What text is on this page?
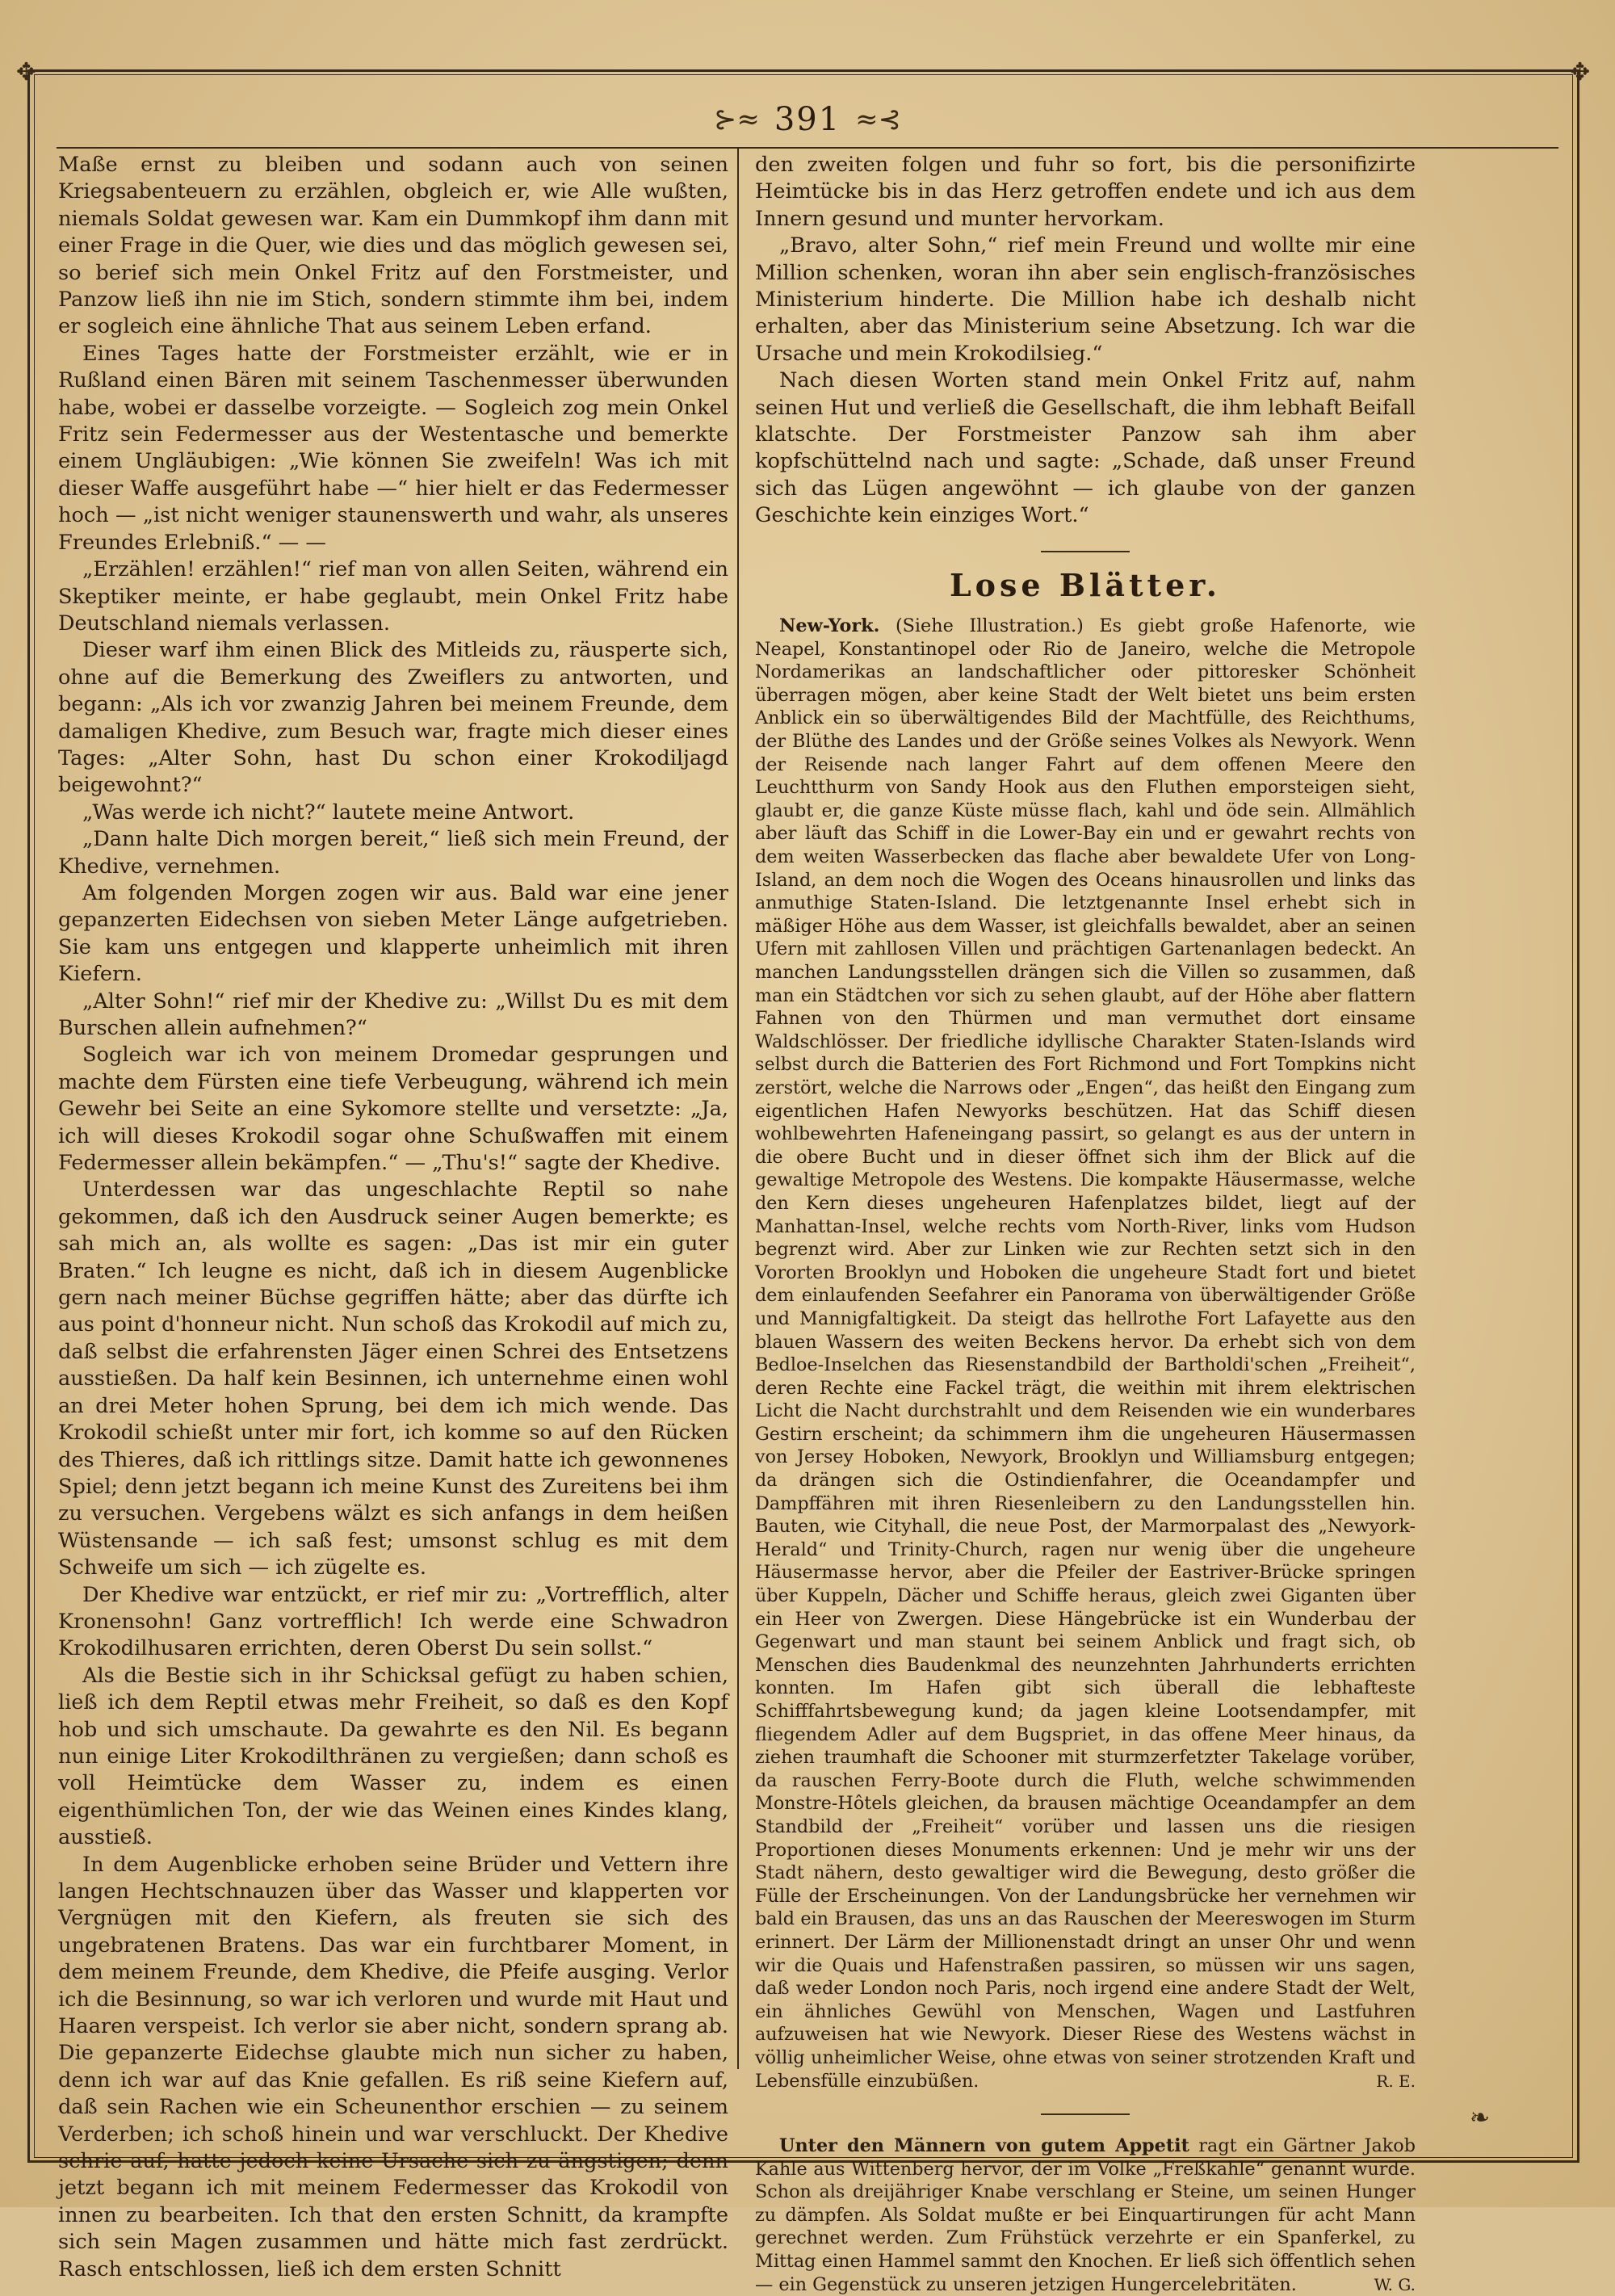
✥	✥
⊱≈ 391 ≈⊰

Maße ernst zu bleiben und sodann auch von seinen Kriegsabenteuern zu erzählen, obgleich er, wie Alle wußten, niemals Soldat gewesen war. Kam ein Dummkopf ihm dann mit einer Frage in die Quer, wie dies und das möglich gewesen sei, so berief sich mein Onkel Fritz auf den Forstmeister, und Panzow ließ ihn nie im Stich, sondern stimmte ihm bei, indem er sogleich eine ähnliche That aus seinem Leben erfand.

Eines Tages hatte der Forstmeister erzählt, wie er in Rußland einen Bären mit seinem Taschenmesser überwunden habe, wobei er dasselbe vorzeigte. — Sogleich zog mein Onkel Fritz sein Federmesser aus der Westentasche und bemerkte einem Ungläubigen: „Wie können Sie zweifeln! Was ich mit dieser Waffe ausgeführt habe —“ hier hielt er das Federmesser hoch — „ist nicht weniger staunenswerth und wahr, als unseres Freundes Erlebniß.“ — —

„Erzählen! erzählen!“ rief man von allen Seiten, während ein Skeptiker meinte, er habe geglaubt, mein Onkel Fritz habe Deutschland niemals verlassen.

Dieser warf ihm einen Blick des Mitleids zu, räusperte sich, ohne auf die Bemerkung des Zweiflers zu antworten, und begann: „Als ich vor zwanzig Jahren bei meinem Freunde, dem damaligen Khedive, zum Besuch war, fragte mich dieser eines Tages: „Alter Sohn, hast Du schon einer Krokodiljagd beigewohnt?“

„Was werde ich nicht?“ lautete meine Antwort.

„Dann halte Dich morgen bereit,“ ließ sich mein Freund, der Khedive, vernehmen.

Am folgenden Morgen zogen wir aus. Bald war eine jener gepanzerten Eidechsen von sieben Meter Länge aufgetrieben. Sie kam uns entgegen und klapperte unheimlich mit ihren Kiefern.

„Alter Sohn!“ rief mir der Khedive zu: „Willst Du es mit dem Burschen allein aufnehmen?“

Sogleich war ich von meinem Dromedar gesprungen und machte dem Fürsten eine tiefe Verbeugung, während ich mein Gewehr bei Seite an eine Sykomore stellte und versetzte: „Ja, ich will dieses Krokodil sogar ohne Schußwaffen mit einem Federmesser allein bekämpfen.“ — „Thu's!“ sagte der Khedive.

Unterdessen war das ungeschlachte Reptil so nahe gekommen, daß ich den Ausdruck seiner Augen bemerkte; es sah mich an, als wollte es sagen: „Das ist mir ein guter Braten.“ Ich leugne es nicht, daß ich in diesem Augenblicke gern nach meiner Büchse gegriffen hätte; aber das dürfte ich aus point d'honneur nicht. Nun schoß das Krokodil auf mich zu, daß selbst die erfahrensten Jäger einen Schrei des Entsetzens ausstießen. Da half kein Besinnen, ich unternehme einen wohl an drei Meter hohen Sprung, bei dem ich mich wende. Das Krokodil schießt unter mir fort, ich komme so auf den Rücken des Thieres, daß ich rittlings sitze. Damit hatte ich gewonnenes Spiel; denn jetzt begann ich meine Kunst des Zureitens bei ihm zu versuchen. Vergebens wälzt es sich anfangs in dem heißen Wüstensande — ich saß fest; umsonst schlug es mit dem Schweife um sich — ich zügelte es.

Der Khedive war entzückt, er rief mir zu: „Vortrefflich, alter Kronensohn! Ganz vortrefflich! Ich werde eine Schwadron Krokodilhusaren errichten, deren Oberst Du sein sollst.“

Als die Bestie sich in ihr Schicksal gefügt zu haben schien, ließ ich dem Reptil etwas mehr Freiheit, so daß es den Kopf hob und sich umschaute. Da gewahrte es den Nil. Es begann nun einige Liter Krokodilthränen zu vergießen; dann schoß es voll Heimtücke dem Wasser zu, indem es einen eigenthümlichen Ton, der wie das Weinen eines Kindes klang, ausstieß.

In dem Augenblicke erhoben seine Brüder und Vettern ihre langen Hechtschnauzen über das Wasser und klapperten vor Vergnügen mit den Kiefern, als freuten sie sich des ungebratenen Bratens. Das war ein furchtbarer Moment, in dem meinem Freunde, dem Khedive, die Pfeife ausging. Verlor ich die Besinnung, so war ich verloren und wurde mit Haut und Haaren verspeist. Ich verlor sie aber nicht, sondern sprang ab. Die gepanzerte Eidechse glaubte mich nun sicher zu haben, denn ich war auf das Knie gefallen. Es riß seine Kiefern auf, daß sein Rachen wie ein Scheunenthor erschien — zu seinem Verderben; ich schoß hinein und war verschluckt. Der Khedive schrie auf, hatte jedoch keine Ursache sich zu ängstigen; denn jetzt begann ich mit meinem Federmesser das Krokodil von innen zu bearbeiten. Ich that den ersten Schnitt, da krampfte sich sein Magen zusammen und hätte mich fast zerdrückt. Rasch entschlossen, ließ ich dem ersten Schnitt

den zweiten folgen und fuhr so fort, bis die personifizirte Heimtücke bis in das Herz getroffen endete und ich aus dem Innern gesund und munter hervorkam.

„Bravo, alter Sohn,“ rief mein Freund und wollte mir eine Million schenken, woran ihn aber sein englisch-französisches Ministerium hinderte. Die Million habe ich deshalb nicht erhalten, aber das Ministerium seine Absetzung. Ich war die Ursache und mein Krokodilsieg.“

Nach diesen Worten stand mein Onkel Fritz auf, nahm seinen Hut und verließ die Gesellschaft, die ihm lebhaft Beifall klatschte. Der Forstmeister Panzow sah ihm aber kopfschüttelnd nach und sagte: „Schade, daß unser Freund sich das Lügen angewöhnt — ich glaube von der ganzen Geschichte kein einziges Wort.“

Lose Blätter.

New-York. (Siehe Illustration.) Es giebt große Hafenorte, wie Neapel, Konstantinopel oder Rio de Janeiro, welche die Metropole Nordamerikas an landschaftlicher oder pittoresker Schönheit überragen mögen, aber keine Stadt der Welt bietet uns beim ersten Anblick ein so überwältigendes Bild der Machtfülle, des Reichthums, der Blüthe des Landes und der Größe seines Volkes als Newyork. Wenn der Reisende nach langer Fahrt auf dem offenen Meere den Leuchtthurm von Sandy Hook aus den Fluthen emporsteigen sieht, glaubt er, die ganze Küste müsse flach, kahl und öde sein. Allmählich aber läuft das Schiff in die Lower-Bay ein und er gewahrt rechts von dem weiten Wasserbecken das flache aber bewaldete Ufer von Long-Island, an dem noch die Wogen des Oceans hinausrollen und links das anmuthige Staten-Island. Die letztgenannte Insel erhebt sich in mäßiger Höhe aus dem Wasser, ist gleichfalls bewaldet, aber an seinen Ufern mit zahllosen Villen und prächtigen Gartenanlagen bedeckt. An manchen Landungsstellen drängen sich die Villen so zusammen, daß man ein Städtchen vor sich zu sehen glaubt, auf der Höhe aber flattern Fahnen von den Thürmen und man vermuthet dort einsame Waldschlösser. Der friedliche idyllische Charakter Staten-Islands wird selbst durch die Batterien des Fort Richmond und Fort Tompkins nicht zerstört, welche die Narrows oder „Engen“, das heißt den Eingang zum eigentlichen Hafen Newyorks beschützen. Hat das Schiff diesen wohlbewehrten Hafeneingang passirt, so gelangt es aus der untern in die obere Bucht und in dieser öffnet sich ihm der Blick auf die gewaltige Metropole des Westens. Die kompakte Häusermasse, welche den Kern dieses ungeheuren Hafenplatzes bildet, liegt auf der Manhattan-Insel, welche rechts vom North-River, links vom Hudson begrenzt wird. Aber zur Linken wie zur Rechten setzt sich in den Vororten Brooklyn und Hoboken die ungeheure Stadt fort und bietet dem einlaufenden Seefahrer ein Panorama von überwältigender Größe und Mannigfaltigkeit. Da steigt das hellrothe Fort Lafayette aus den blauen Wassern des weiten Beckens hervor. Da erhebt sich von dem Bedloe-Inselchen das Riesenstandbild der Bartholdi'schen „Freiheit“, deren Rechte eine Fackel trägt, die weithin mit ihrem elektrischen Licht die Nacht durchstrahlt und dem Reisenden wie ein wunderbares Gestirn erscheint; da schimmern ihm die ungeheuren Häusermassen von Jersey Hoboken, Newyork, Brooklyn und Williamsburg entgegen; da drängen sich die Ostindienfahrer, die Oceandampfer und Dampffähren mit ihren Riesenleibern zu den Landungsstellen hin. Bauten, wie Cityhall, die neue Post, der Marmorpalast des „Newyork-Herald“ und Trinity-Church, ragen nur wenig über die ungeheure Häusermasse hervor, aber die Pfeiler der Eastriver-Brücke springen über Kuppeln, Dächer und Schiffe heraus, gleich zwei Giganten über ein Heer von Zwergen. Diese Hängebrücke ist ein Wunderbau der Gegenwart und man staunt bei seinem Anblick und fragt sich, ob Menschen dies Baudenkmal des neunzehnten Jahrhunderts errichten konnten. Im Hafen gibt sich überall die lebhafteste Schifffahrtsbewegung kund; da jagen kleine Lootsendampfer, mit fliegendem Adler auf dem Bugspriet, in das offene Meer hinaus, da ziehen traumhaft die Schooner mit sturmzerfetzter Takelage vorüber, da rauschen Ferry-Boote durch die Fluth, welche schwimmenden Monstre-Hôtels gleichen, da brausen mächtige Oceandampfer an dem Standbild der „Freiheit“ vorüber und lassen uns die riesigen Proportionen dieses Monuments erkennen: Und je mehr wir uns der Stadt nähern, desto gewaltiger wird die Bewegung, desto größer die Fülle der Erscheinungen. Von der Landungsbrücke her vernehmen wir bald ein Brausen, das uns an das Rauschen der Meereswogen im Sturm erinnert. Der Lärm der Millionenstadt dringt an unser Ohr und wenn wir die Quais und Hafenstraßen passiren, so müssen wir uns sagen, daß weder London noch Paris, noch irgend eine andere Stadt der Welt, ein ähnliches Gewühl von Menschen, Wagen und Lastfuhren aufzuweisen hat wie Newyork. Dieser Riese des Westens wächst in völlig unheimlicher Weise, ohne etwas von seiner strotzenden Kraft und Lebensfülle einzubüßen.	R. E.

Unter den Männern von gutem Appetit ragt ein Gärtner Jakob Kahle aus Wittenberg hervor, der im Volke „Freßkahle“ genannt wurde. Schon als dreijähriger Knabe verschlang er Steine, um seinen Hunger zu dämpfen. Als Soldat mußte er bei Einquartirungen für acht Mann gerechnet werden. Zum Frühstück verzehrte er ein Spanferkel, zu Mittag einen Hammel sammt den Knochen. Er ließ sich öffentlich sehen — ein Gegenstück zu unseren jetzigen Hungercelebritäten.	W. G.

❧
